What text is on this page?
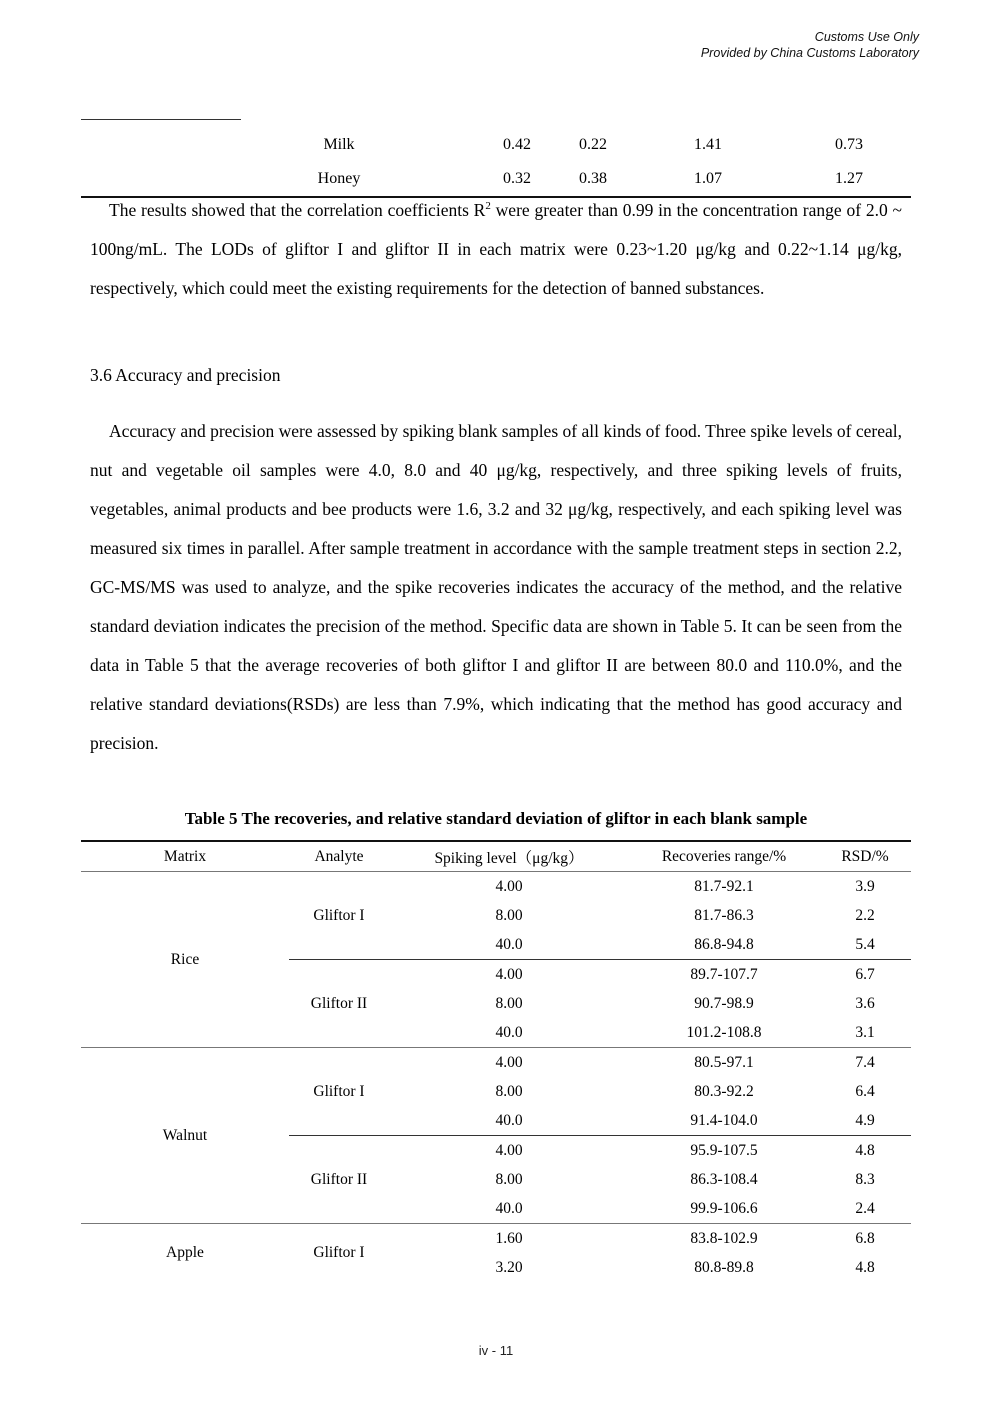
Customs Use Only
Provided by China Customs Laboratory
	Milk	0.42	0.22	1.41	0.73
	Honey	0.32	0.38	1.07	1.27

The results showed that the correlation coefficients $R^2$ were greater than 0.99 in the concentration range of 2.0 ~ 100ng/mL. The LODs of gliftor I and gliftor II in each matrix were 0.23~1.20 μg/kg and 0.22~1.14 μg/kg, respectively, which could meet the existing requirements for the detection of banned substances.

3.6 Accuracy and precision

Accuracy and precision were assessed by spiking blank samples of all kinds of food. Three spike levels of cereal, nut and vegetable oil samples were 4.0, 8.0 and 40 μg/kg, respectively, and three spiking levels of fruits, vegetables, animal products and bee products were 1.6, 3.2 and 32 μg/kg, respectively, and each spiking level was measured six times in parallel. After sample treatment in accordance with the sample treatment steps in section 2.2, GC-MS/MS was used to analyze, and the spike recoveries indicates the accuracy of the method, and the relative standard deviation indicates the precision of the method. Specific data are shown in Table 5. It can be seen from the data in Table 5 that the average recoveries of both gliftor I and gliftor II are between 80.0 and 110.0%, and the relative standard deviations(RSDs) are less than 7.9%, which indicating that the method has good accuracy and precision.

Table 5 The recoveries, and relative standard deviation of gliftor in each blank sample

Matrix	Analyte	Spiking level（μg/kg）	Recoveries range/%	RSD/%
Rice	Gliftor I	4.00	81.7-92.1	3.9
		8.00	81.7-86.3	2.2
		40.0	86.8-94.8	5.4
	Gliftor II	4.00	89.7-107.7	6.7
		8.00	90.7-98.9	3.6
		40.0	101.2-108.8	3.1
Walnut	Gliftor I	4.00	80.5-97.1	7.4
		8.00	80.3-92.2	6.4
		40.0	91.4-104.0	4.9
	Gliftor II	4.00	95.9-107.5	4.8
		8.00	86.3-108.4	8.3
		40.0	99.9-106.6	2.4
Apple	Gliftor I	1.60	83.8-102.9	6.8
		3.20	80.8-89.8	4.8
iv - 11
